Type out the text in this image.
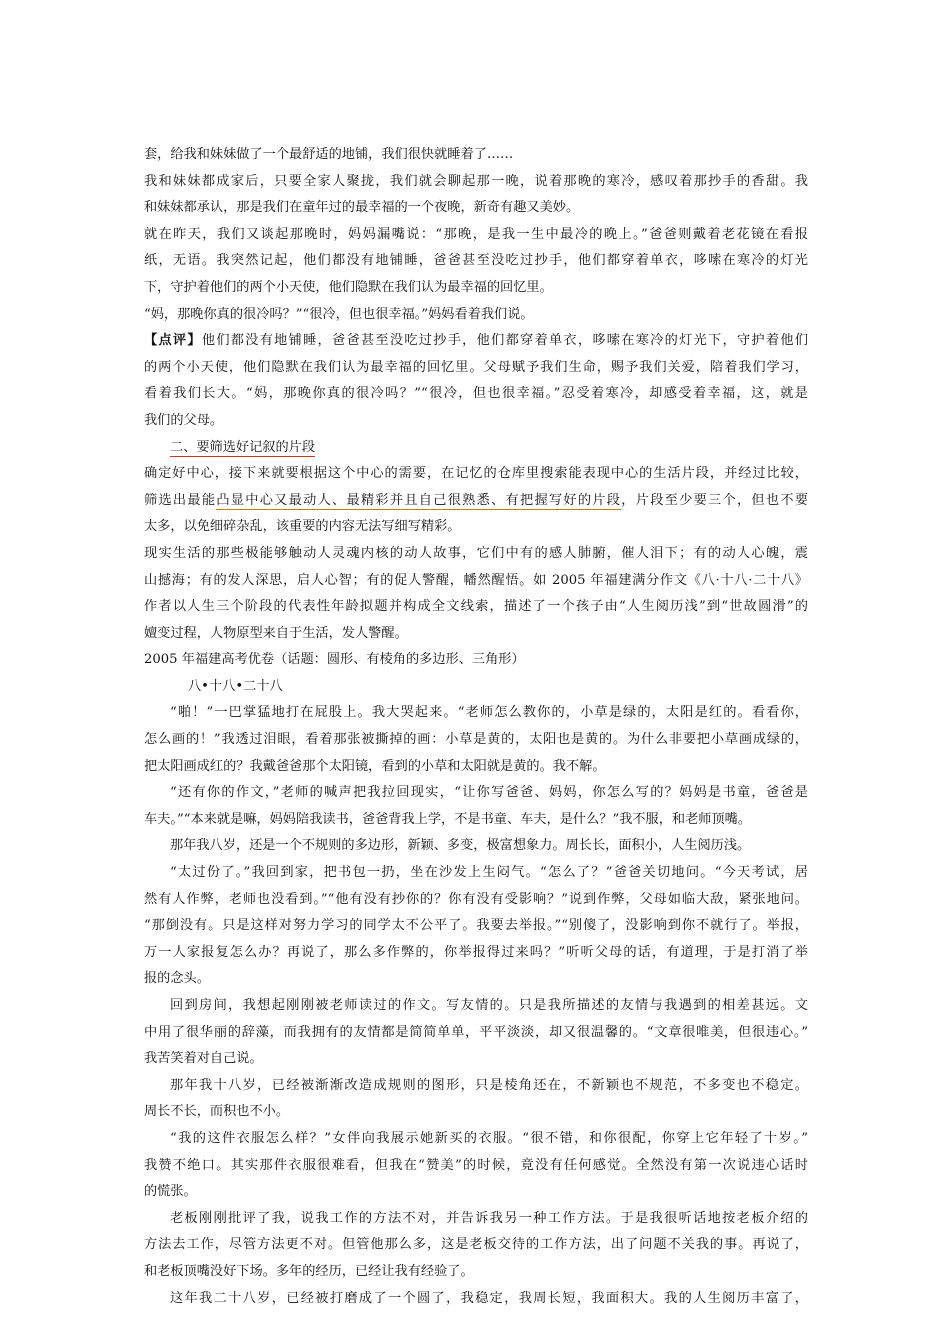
套，给我和妹妹做了一个最舒适的地铺，我们很快就睡着了……
我和妹妹都成家后，只要全家人聚拢，我们就会聊起那一晚，说着那晚的寒冷，感叹着那抄手的香甜。我
和妹妹都承认，那是我们在童年过的最幸福的一个夜晚，新奇有趣又美妙。
就在昨天，我们又谈起那晚时，妈妈漏嘴说：“那晚，是我一生中最冷的晚上。”爸爸则戴着老花镜在看报
纸，无语。我突然记起，他们都没有地铺睡，爸爸甚至没吃过抄手，他们都穿着单衣，哆嗦在寒冷的灯光
下，守护着他们的两个小天使，他们隐默在我们认为最幸福的回忆里。
“妈，那晚你真的很冷吗？”“很冷，但也很幸福。”妈妈看着我们说。
【点评】他们都没有地铺睡，爸爸甚至没吃过抄手，他们都穿着单衣，哆嗦在寒冷的灯光下，守护着他们
的两个小天使，他们隐默在我们认为最幸福的回忆里。父母赋予我们生命，赐予我们关爱，陪着我们学习，
看着我们长大。“妈，那晚你真的很冷吗？”“很冷，但也很幸福。”忍受着寒冷，却感受着幸福，这，就是
我们的父母。
二、要筛选好记叙的片段
确定好中心，接下来就要根据这个中心的需要，在记忆的仓库里搜索能表现中心的生活片段，并经过比较，
筛选出最能凸显中心又最动人、最精彩并且自己很熟悉、有把握写好的片段，片段至少要三个，但也不要
太多，以免细碎杂乱，该重要的内容无法写细写精彩。
现实生活的那些极能够触动人灵魂内核的动人故事，它们中有的感人肺腑，催人泪下；有的动人心魄，震
山撼海；有的发人深思，启人心智；有的促人警醒，幡然醒悟。如 2005 年福建满分作文《八·十八·二十八》
作者以人生三个阶段的代表性年龄拟题并构成全文线索，描述了一个孩子由“人生阅历浅”到“世故圆滑”的
嬗变过程，人物原型来自于生活，发人警醒。
2005 年福建高考优卷（话题：圆形、有棱角的多边形、三角形）
八•十八•二十八
“啪！”一巴掌猛地打在屁股上。我大哭起来。“老师怎么教你的，小草是绿的，太阳是红的。看看你，
怎么画的！”我透过泪眼，看着那张被撕掉的画：小草是黄的，太阳也是黄的。为什么非要把小草画成绿的，
把太阳画成红的？我戴爸爸那个太阳镜，看到的小草和太阳就是黄的。我不解。
“还有你的作文，”老师的喊声把我拉回现实，“让你写爸爸、妈妈，你怎么写的？妈妈是书童，爸爸是
车夫。”“本来就是嘛，妈妈陪我读书，爸爸背我上学，不是书童、车夫，是什么？”我不服，和老师顶嘴。
那年我八岁，还是一个不规则的多边形，新颖、多变，极富想象力。周长长，面积小，人生阅历浅。
“太过份了。”我回到家，把书包一扔，坐在沙发上生闷气。“怎么了？”爸爸关切地问。“今天考试，居
然有人作弊，老师也没看到。”“他有没有抄你的？你有没有受影响？”说到作弊，父母如临大敌，紧张地问。
“那倒没有。只是这样对努力学习的同学太不公平了。我要去举报。”“别傻了，没影响到你不就行了。举报，
万一人家报复怎么办？再说了，那么多作弊的，你举报得过来吗？”听听父母的话，有道理，于是打消了举
报的念头。
回到房间，我想起刚刚被老师读过的作文。写友情的。只是我所描述的友情与我遇到的相差甚远。文
中用了很华丽的辞藻，而我拥有的友情都是简简单单，平平淡淡，却又很温馨的。“文章很唯美，但很违心。”
我苦笑着对自己说。
那年我十八岁，已经被渐渐改造成规则的图形，只是棱角还在，不新颖也不规范，不多变也不稳定。
周长不长，而积也不小。
“我的这件衣服怎么样？”女伴向我展示她新买的衣服。“很不错，和你很配，你穿上它年轻了十岁。”
我赞不绝口。其实那件衣服很难看，但我在“赞美”的时候，竟没有任何感觉。全然没有第一次说违心话时
的慌张。
老板刚刚批评了我，说我工作的方法不对，并告诉我另一种工作方法。于是我很听话地按老板介绍的
方法去工作，尽管方法更不对。但管他那么多，这是老板交待的工作方法，出了问题不关我的事。再说了，
和老板顶嘴没好下场。多年的经历，已经让我有经验了。
这年我二十八岁，已经被打磨成了一个圆了，我稳定，我周长短，我面积大。我的人生阅历丰富了，
